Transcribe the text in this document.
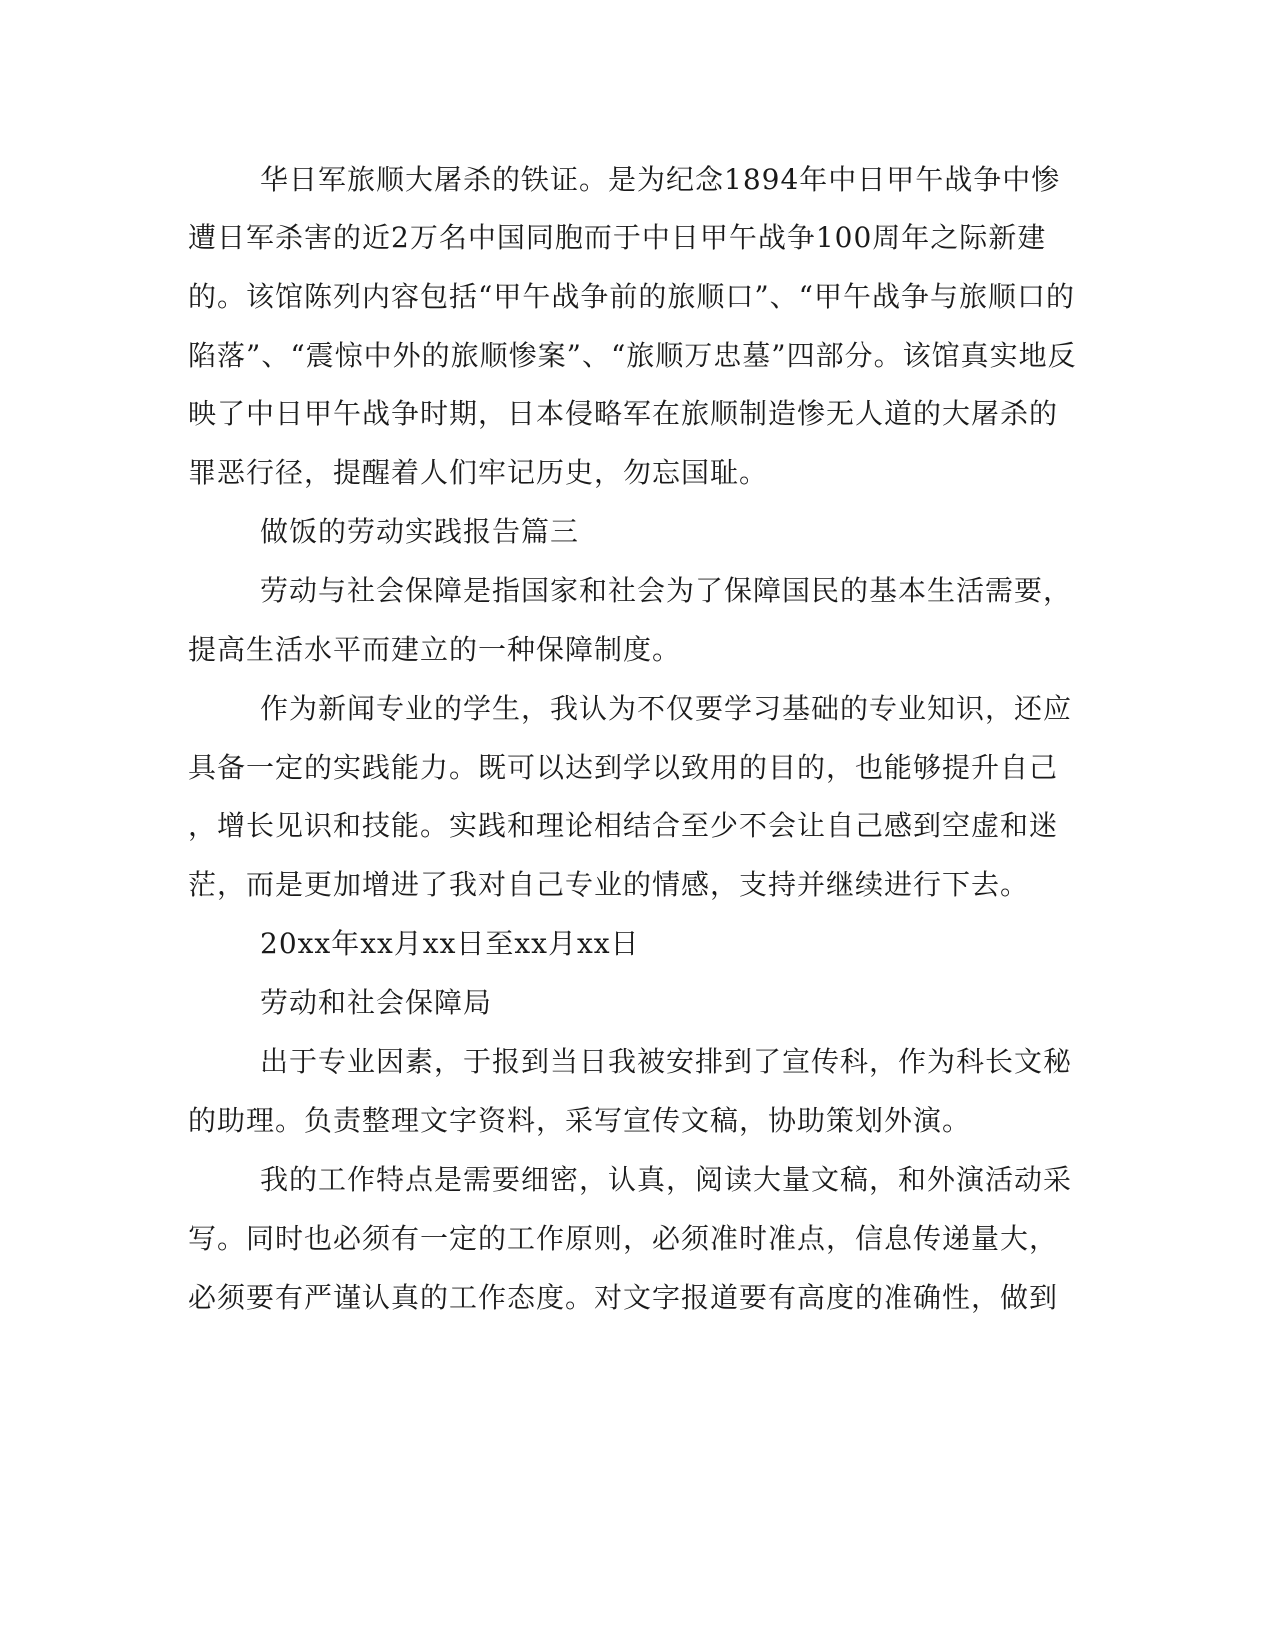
华日军旅顺大屠杀的铁证。是为纪念1894年中日甲午战争中惨
遭日军杀害的近2万名中国同胞而于中日甲午战争100周年之际新建
的。该馆陈列内容包括“甲午战争前的旅顺口”、“甲午战争与旅顺口的
陷落”、“震惊中外的旅顺惨案”、“旅顺万忠墓”四部分。该馆真实地反
映了中日甲午战争时期，日本侵略军在旅顺制造惨无人道的大屠杀的
罪恶行径，提醒着人们牢记历史，勿忘国耻。
做饭的劳动实践报告篇三
劳动与社会保障是指国家和社会为了保障国民的基本生活需要，
提高生活水平而建立的一种保障制度。
作为新闻专业的学生，我认为不仅要学习基础的专业知识，还应
具备一定的实践能力。既可以达到学以致用的目的，也能够提升自己
，增长见识和技能。实践和理论相结合至少不会让自己感到空虚和迷
茫，而是更加增进了我对自己专业的情感，支持并继续进行下去。
20xx年xx月xx日至xx月xx日
劳动和社会保障局
出于专业因素，于报到当日我被安排到了宣传科，作为科长文秘
的助理。负责整理文字资料，采写宣传文稿，协助策划外演。
我的工作特点是需要细密，认真，阅读大量文稿，和外演活动采
写。同时也必须有一定的工作原则，必须准时准点，信息传递量大，
必须要有严谨认真的工作态度。对文字报道要有高度的准确性，做到
